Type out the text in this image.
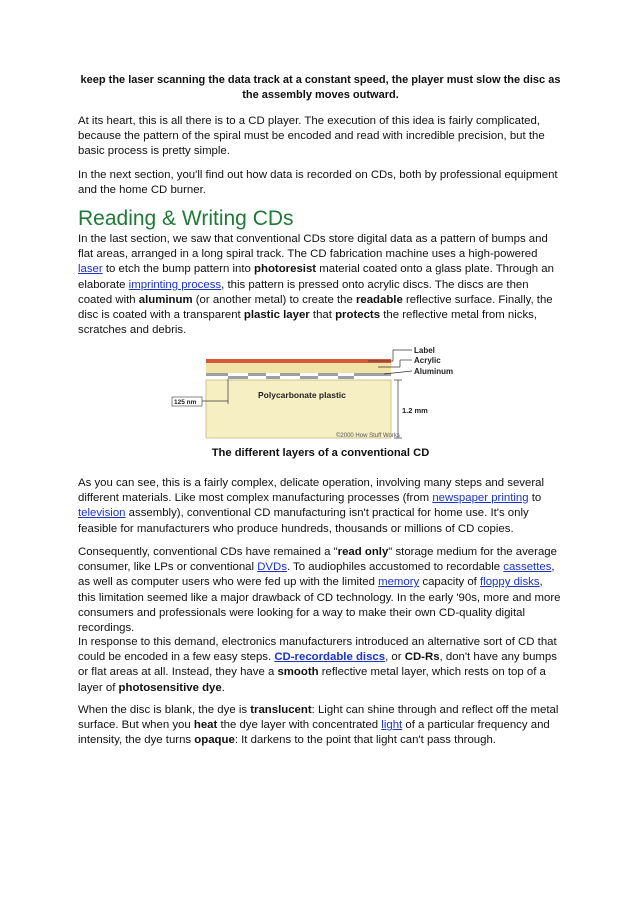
keep the laser scanning the data track at a constant speed, the player must slow the disc as the assembly moves outward.

At its heart, this is all there is to a CD player. The execution of this idea is fairly complicated, because the pattern of the spiral must be encoded and read with incredible precision, but the basic process is pretty simple.

In the next section, you'll find out how data is recorded on CDs, both by professional equipment and the home CD burner.

Reading & Writing CDs

In the last section, we saw that conventional CDs store digital data as a pattern of bumps and flat areas, arranged in a long spiral track. The CD fabrication machine uses a high-powered laser to etch the bump pattern into photoresist material coated onto a glass plate. Through an elaborate imprinting process, this pattern is pressed onto acrylic discs. The discs are then coated with aluminum (or another metal) to create the readable reflective surface. Finally, the disc is coated with a transparent plastic layer that protects the reflective metal from nicks, scratches and debris.

Label
Acrylic
Aluminum
Polycarbonate plastic
125 nm
1.2 mm
©2000 How Stuff Works
The different layers of a conventional CD

As you can see, this is a fairly complex, delicate operation, involving many steps and several different materials. Like most complex manufacturing processes (from newspaper printing to television assembly), conventional CD manufacturing isn't practical for home use. It's only feasible for manufacturers who produce hundreds, thousands or millions of CD copies.

Consequently, conventional CDs have remained a "read only" storage medium for the average consumer, like LPs or conventional DVDs. To audiophiles accustomed to recordable cassettes, as well as computer users who were fed up with the limited memory capacity of floppy disks, this limitation seemed like a major drawback of CD technology. In the early '90s, more and more consumers and professionals were looking for a way to make their own CD-quality digital recordings.

In response to this demand, electronics manufacturers introduced an alternative sort of CD that could be encoded in a few easy steps. CD-recordable discs, or CD-Rs, don't have any bumps or flat areas at all. Instead, they have a smooth reflective metal layer, which rests on top of a layer of photosensitive dye.

When the disc is blank, the dye is translucent: Light can shine through and reflect off the metal surface. But when you heat the dye layer with concentrated light of a particular frequency and intensity, the dye turns opaque: It darkens to the point that light can't pass through.
